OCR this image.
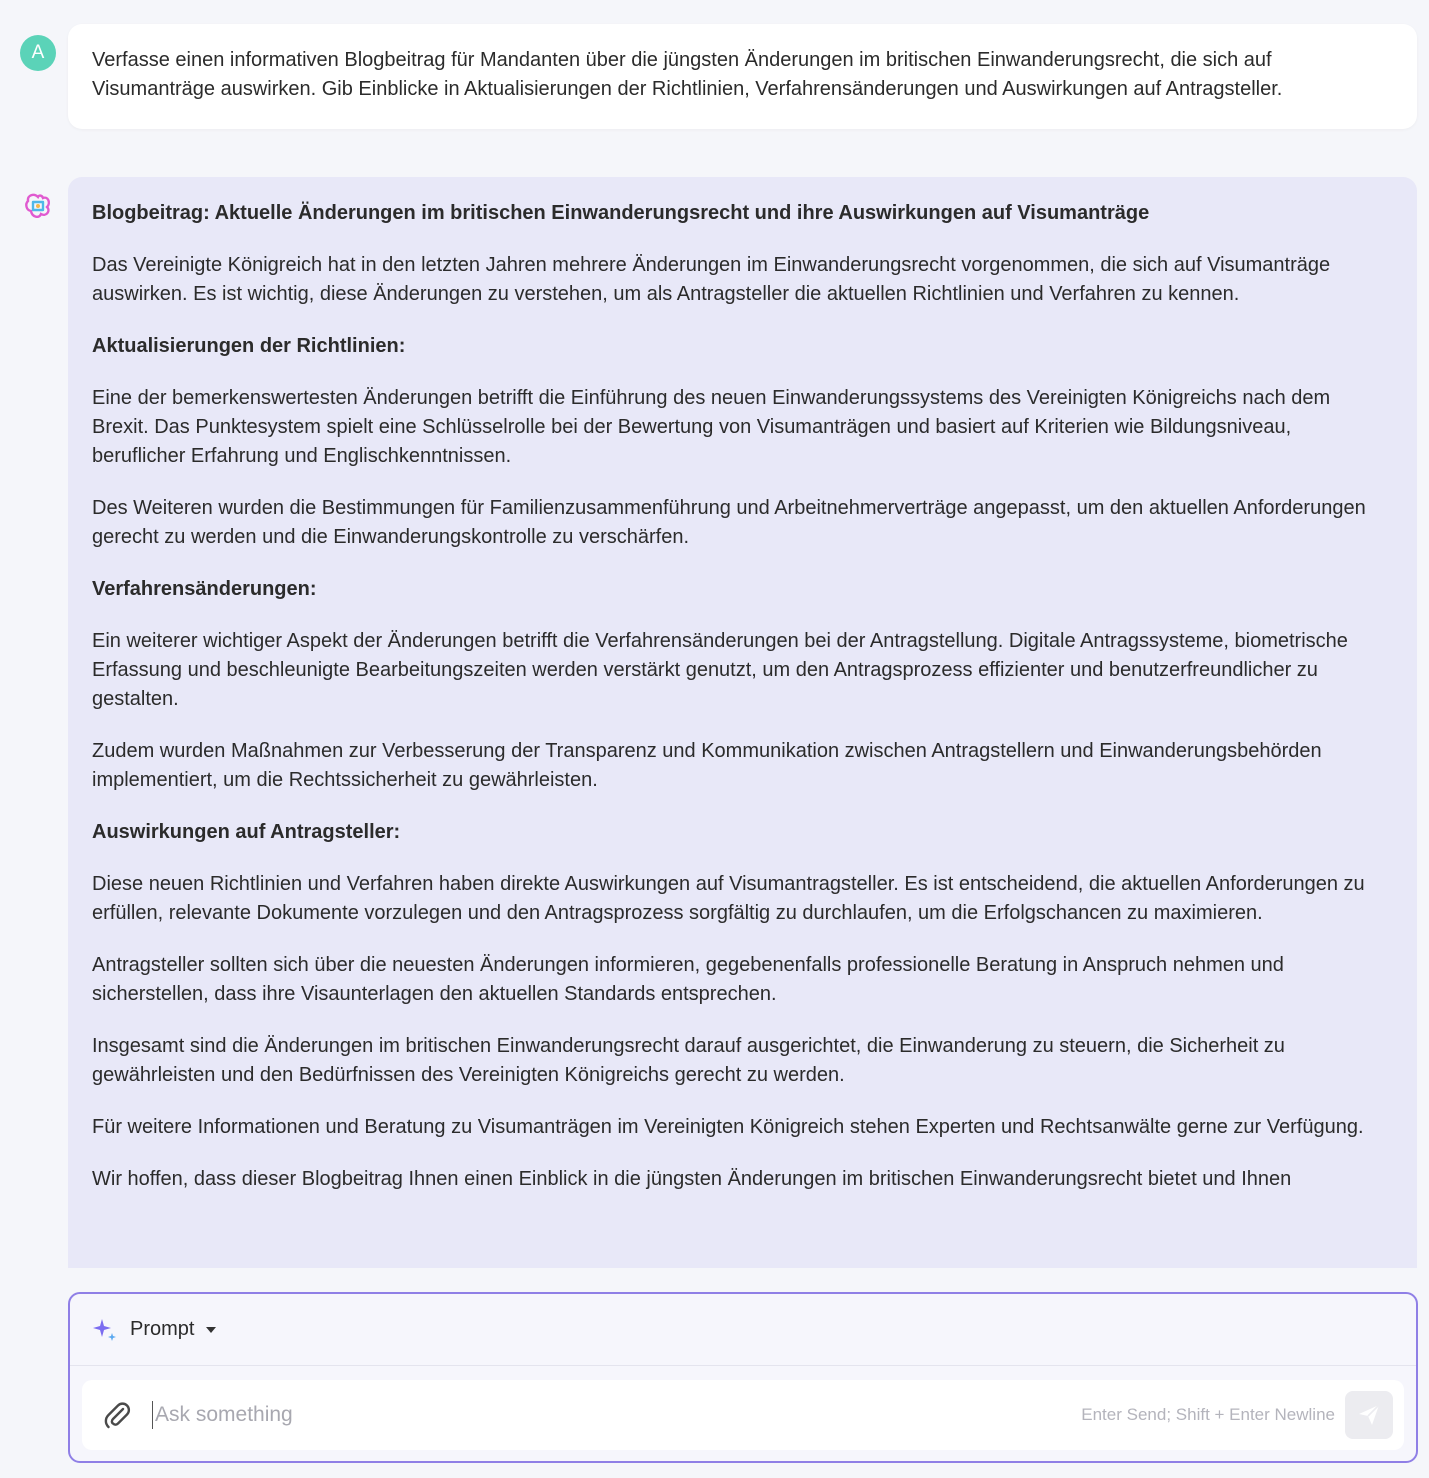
A	Verfasse einen informativen Blogbeitrag für Mandanten über die jüngsten Änderungen im britischen Einwanderungsrecht, die sich auf Visumanträge auswirken. Gib Einblicke in Aktualisierungen der Richtlinien, Verfahrensänderungen und Auswirkungen auf Antragsteller.

Blogbeitrag: Aktuelle Änderungen im britischen Einwanderungsrecht und ihre Auswirkungen auf Visumanträge

Das Vereinigte Königreich hat in den letzten Jahren mehrere Änderungen im Einwanderungsrecht vorgenommen, die sich auf Visumanträge auswirken. Es ist wichtig, diese Änderungen zu verstehen, um als Antragsteller die aktuellen Richtlinien und Verfahren zu kennen.

Aktualisierungen der Richtlinien:

Eine der bemerkenswertesten Änderungen betrifft die Einführung des neuen Einwanderungssystems des Vereinigten Königreichs nach dem Brexit. Das Punktesystem spielt eine Schlüsselrolle bei der Bewertung von Visumanträgen und basiert auf Kriterien wie Bildungsniveau, beruflicher Erfahrung und Englischkenntnissen.

Des Weiteren wurden die Bestimmungen für Familienzusammenführung und Arbeitnehmerverträge angepasst, um den aktuellen Anforderungen gerecht zu werden und die Einwanderungskontrolle zu verschärfen.

Verfahrensänderungen:

Ein weiterer wichtiger Aspekt der Änderungen betrifft die Verfahrensänderungen bei der Antragstellung. Digitale Antragssysteme, biometrische Erfassung und beschleunigte Bearbeitungszeiten werden verstärkt genutzt, um den Antragsprozess effizienter und benutzerfreundlicher zu gestalten.

Zudem wurden Maßnahmen zur Verbesserung der Transparenz und Kommunikation zwischen Antragstellern und Einwanderungsbehörden implementiert, um die Rechtssicherheit zu gewährleisten.

Auswirkungen auf Antragsteller:

Diese neuen Richtlinien und Verfahren haben direkte Auswirkungen auf Visumantragsteller. Es ist entscheidend, die aktuellen Anforderungen zu erfüllen, relevante Dokumente vorzulegen und den Antragsprozess sorgfältig zu durchlaufen, um die Erfolgschancen zu maximieren.

Antragsteller sollten sich über die neuesten Änderungen informieren, gegebenenfalls professionelle Beratung in Anspruch nehmen und sicherstellen, dass ihre Visaunterlagen den aktuellen Standards entsprechen.

Insgesamt sind die Änderungen im britischen Einwanderungsrecht darauf ausgerichtet, die Einwanderung zu steuern, die Sicherheit zu gewährleisten und den Bedürfnissen des Vereinigten Königreichs gerecht zu werden.

Für weitere Informationen und Beratung zu Visumanträgen im Vereinigten Königreich stehen Experten und Rechtsanwälte gerne zur Verfügung.

Wir hoffen, dass dieser Blogbeitrag Ihnen einen Einblick in die jüngsten Änderungen im britischen Einwanderungsrecht bietet und Ihnen

Prompt
Ask something
Enter Send; Shift + Enter Newline
